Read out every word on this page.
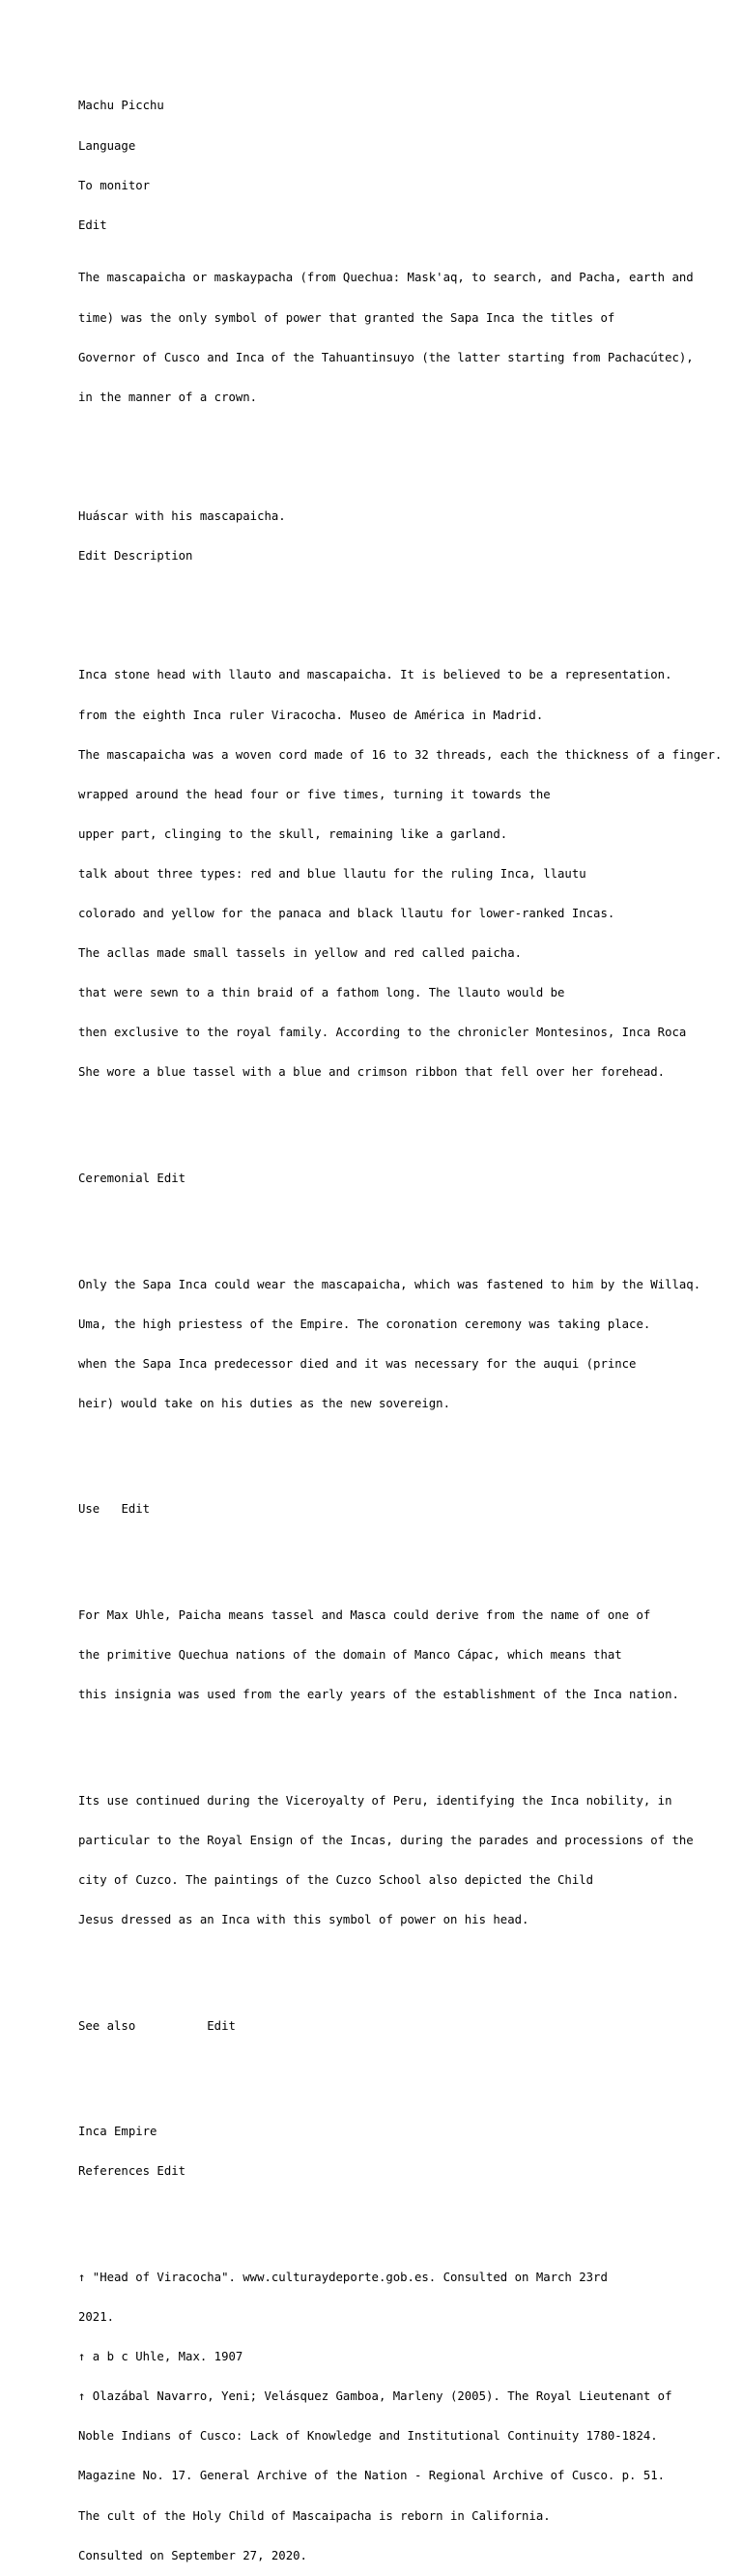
Machu Picchu

Language

To monitor

Edit

The mascapaicha or maskaypacha (from Quechua: Mask'aq, to search, and Pacha, earth and

time) was the only symbol of power that granted the Sapa Inca the titles of

Governor of Cusco and Inca of the Tahuantinsuyo (the latter starting from Pachacútec),

in the manner of a crown.

Huáscar with his mascapaicha.

Edit Description

Inca stone head with llauto and mascapaicha. It is believed to be a representation.

from the eighth Inca ruler Viracocha. Museo de América in Madrid.

The mascapaicha was a woven cord made of 16 to 32 threads, each the thickness of a finger.

wrapped around the head four or five times, turning it towards the

upper part, clinging to the skull, remaining like a garland.

talk about three types: red and blue llautu for the ruling Inca, llautu

colorado and yellow for the panaca and black llautu for lower-ranked Incas.

The acllas made small tassels in yellow and red called paicha.

that were sewn to a thin braid of a fathom long. The llauto would be

then exclusive to the royal family. According to the chronicler Montesinos, Inca Roca

She wore a blue tassel with a blue and crimson ribbon that fell over her forehead.

Ceremonial Edit

Only the Sapa Inca could wear the mascapaicha, which was fastened to him by the Willaq.

Uma, the high priestess of the Empire. The coronation ceremony was taking place.

when the Sapa Inca predecessor died and it was necessary for the auqui (prince

heir) would take on his duties as the new sovereign.

Use Edit

For Max Uhle, Paicha means tassel and Masca could derive from the name of one of

the primitive Quechua nations of the domain of Manco Cápac, which means that

this insignia was used from the early years of the establishment of the Inca nation.

Its use continued during the Viceroyalty of Peru, identifying the Inca nobility, in

particular to the Royal Ensign of the Incas, during the parades and processions of the

city of Cuzco. The paintings of the Cuzco School also depicted the Child

Jesus dressed as an Inca with this symbol of power on his head.

See also	Edit

Inca Empire

References Edit

↑ "Head of Viracocha". www.culturaydeporte.gob.es. Consulted on March 23rd

2021.

↑ a b c Uhle, Max. 1907

↑ Olazábal Navarro, Yeni; Velásquez Gamboa, Marleny (2005). The Royal Lieutenant of

Noble Indians of Cusco: Lack of Knowledge and Institutional Continuity 1780-1824.

Magazine No. 17. General Archive of the Nation - Regional Archive of Cusco. p. 51.

The cult of the Holy Child of Mascaipacha is reborn in California.

Consulted on September 27, 2020.
